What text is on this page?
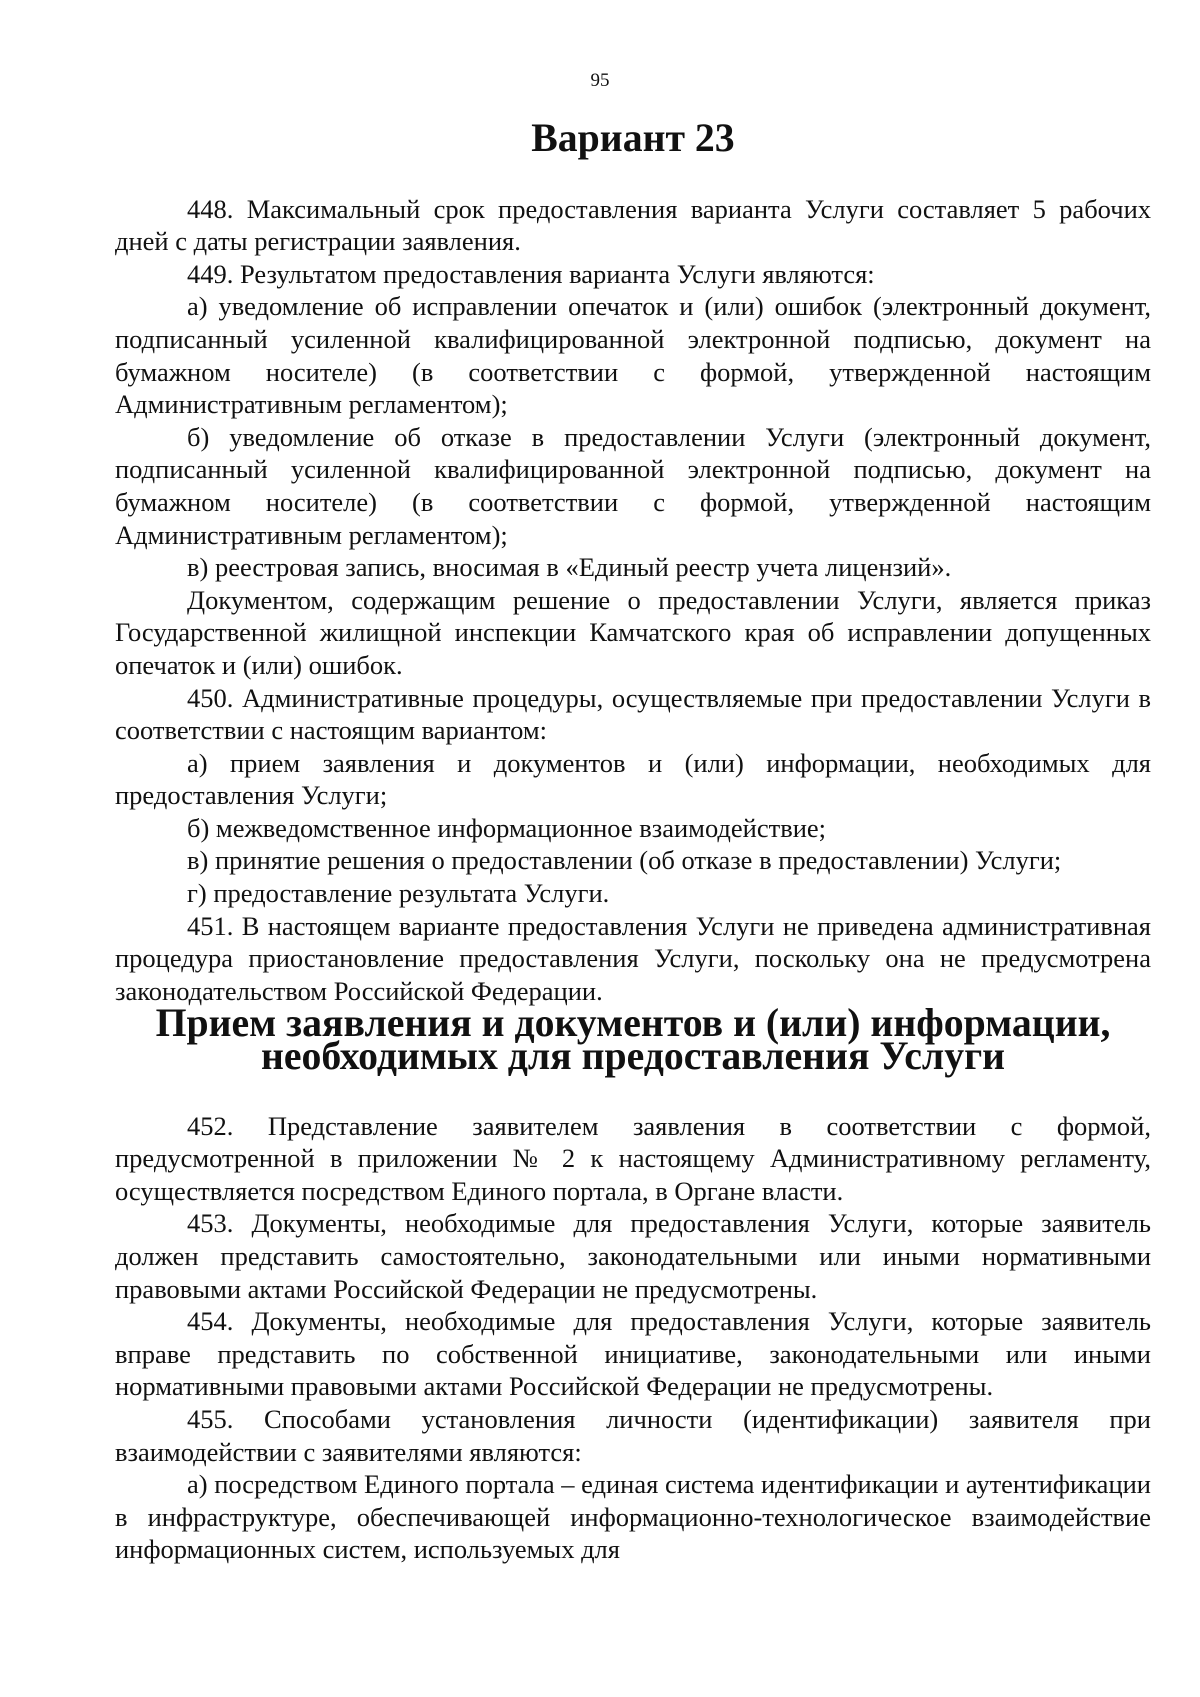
95
Вариант 23

448. Максимальный срок предоставления варианта Услуги составляет 5 рабочих дней с даты регистрации заявления.

449. Результатом предоставления варианта Услуги являются:

а) уведомление об исправлении опечаток и (или) ошибок (электронный документ, подписанный усиленной квалифицированной электронной подписью, документ на бумажном носителе) (в соответствии с формой, утвержденной настоящим Административным регламентом);

б) уведомление об отказе в предоставлении Услуги (электронный документ, подписанный усиленной квалифицированной электронной подписью, документ на бумажном носителе) (в соответствии с формой, утвержденной настоящим Административным регламентом);

в) реестровая запись, вносимая в «Единый реестр учета лицензий».

Документом, содержащим решение о предоставлении Услуги, является приказ Государственной жилищной инспекции Камчатского края об исправлении допущенных опечаток и (или) ошибок.

450. Административные процедуры, осуществляемые при предоставлении Услуги в соответствии с настоящим вариантом:

а) прием заявления и документов и (или) информации, необходимых для предоставления Услуги;

б) межведомственное информационное взаимодействие;

в) принятие решения о предоставлении (об отказе в предоставлении) Услуги;

г) предоставление результата Услуги.

451. В настоящем варианте предоставления Услуги не приведена административная процедура приостановление предоставления Услуги, поскольку она не предусмотрена законодательством Российской Федерации.

Прием заявления и документов и (или) информации, необходимых для предоставления Услуги

452. Представление заявителем заявления в соответствии с формой, предусмотренной в приложении № 2 к настоящему Административному регламенту, осуществляется посредством Единого портала, в Органе власти.

453. Документы, необходимые для предоставления Услуги, которые заявитель должен представить самостоятельно, законодательными или иными нормативными правовыми актами Российской Федерации не предусмотрены.

454. Документы, необходимые для предоставления Услуги, которые заявитель вправе представить по собственной инициативе, законодательными или иными нормативными правовыми актами Российской Федерации не предусмотрены.

455. Способами установления личности (идентификации) заявителя при взаимодействии с заявителями являются:

а) посредством Единого портала – единая система идентификации и аутентификации в инфраструктуре, обеспечивающей информационно-технологическое взаимодействие информационных систем, используемых для
